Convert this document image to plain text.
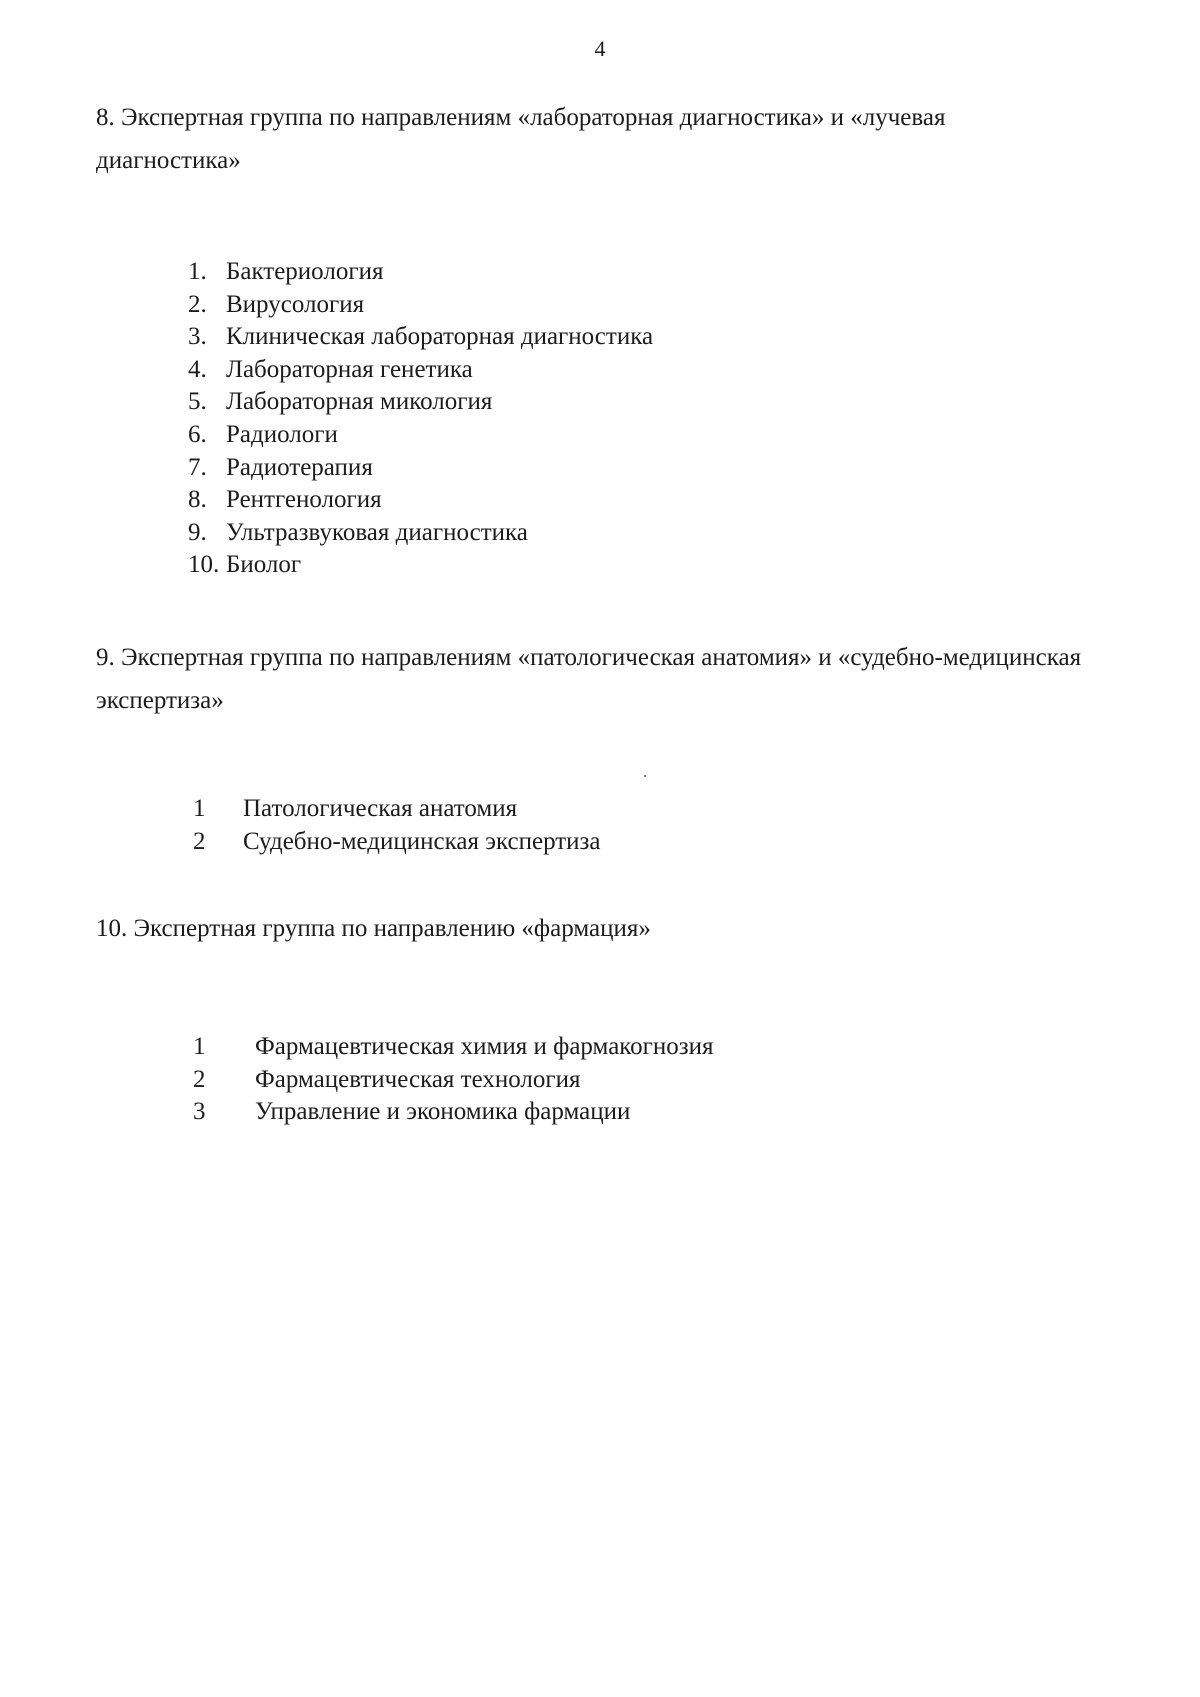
4
8. Экспертная группа по направлениям «лабораторная диагностика» и «лучевая диагностика»
1. Бактериология
2. Вирусология
3. Клиническая лабораторная диагностика
4. Лабораторная генетика
5. Лабораторная микология
6. Радиологи
7. Радиотерапия
8. Рентгенология
9. Ультразвуковая диагностика
10. Биолог
9. Экспертная группа по направлениям «патологическая анатомия» и «судебно-медицинская экспертиза»
1	Патологическая анатомия
2	Судебно-медицинская экспертиза
10. Экспертная группа по направлению «фармация»
1	Фармацевтическая химия и фармакогнозия
2	Фармацевтическая технология
3	Управление и экономика фармации
